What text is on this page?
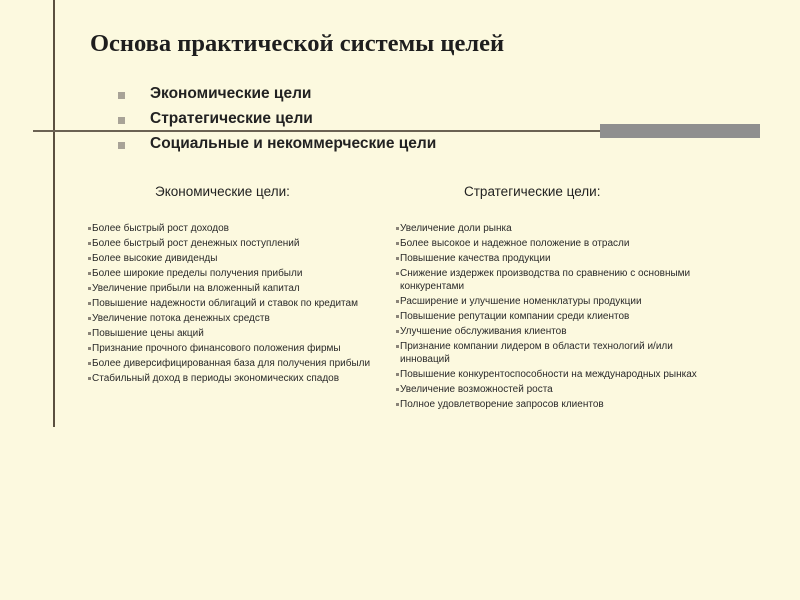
Основа практической системы целей
Экономические цели
Стратегические цели
Социальные и некоммерческие цели
Экономические цели:	Стратегические цели:
Более быстрый рост доходов
Более быстрый рост денежных поступлений
Более высокие дивиденды
Более широкие пределы получения прибыли
Увеличение прибыли на вложенный капитал
Повышение надежности облигаций и ставок по кредитам
Увеличение потока денежных средств
Повышение цены акций
Признание прочного финансового положения фирмы
Более диверсифицированная база для получения прибыли
Стабильный доход в периоды экономических спадов
Увеличение доли рынка
Более высокое и надежное положение в отрасли
Повышение качества продукции
Снижение издержек производства по сравнению с основными конкурентами
Расширение и улучшение номенклатуры продукции
Повышение репутации компании среди клиентов
Улучшение обслуживания клиентов
Признание компании лидером в области технологий и/или инноваций
Повышение конкурентоспособности на международных рынках
Увеличение возможностей роста
Полное удовлетворение запросов клиентов
